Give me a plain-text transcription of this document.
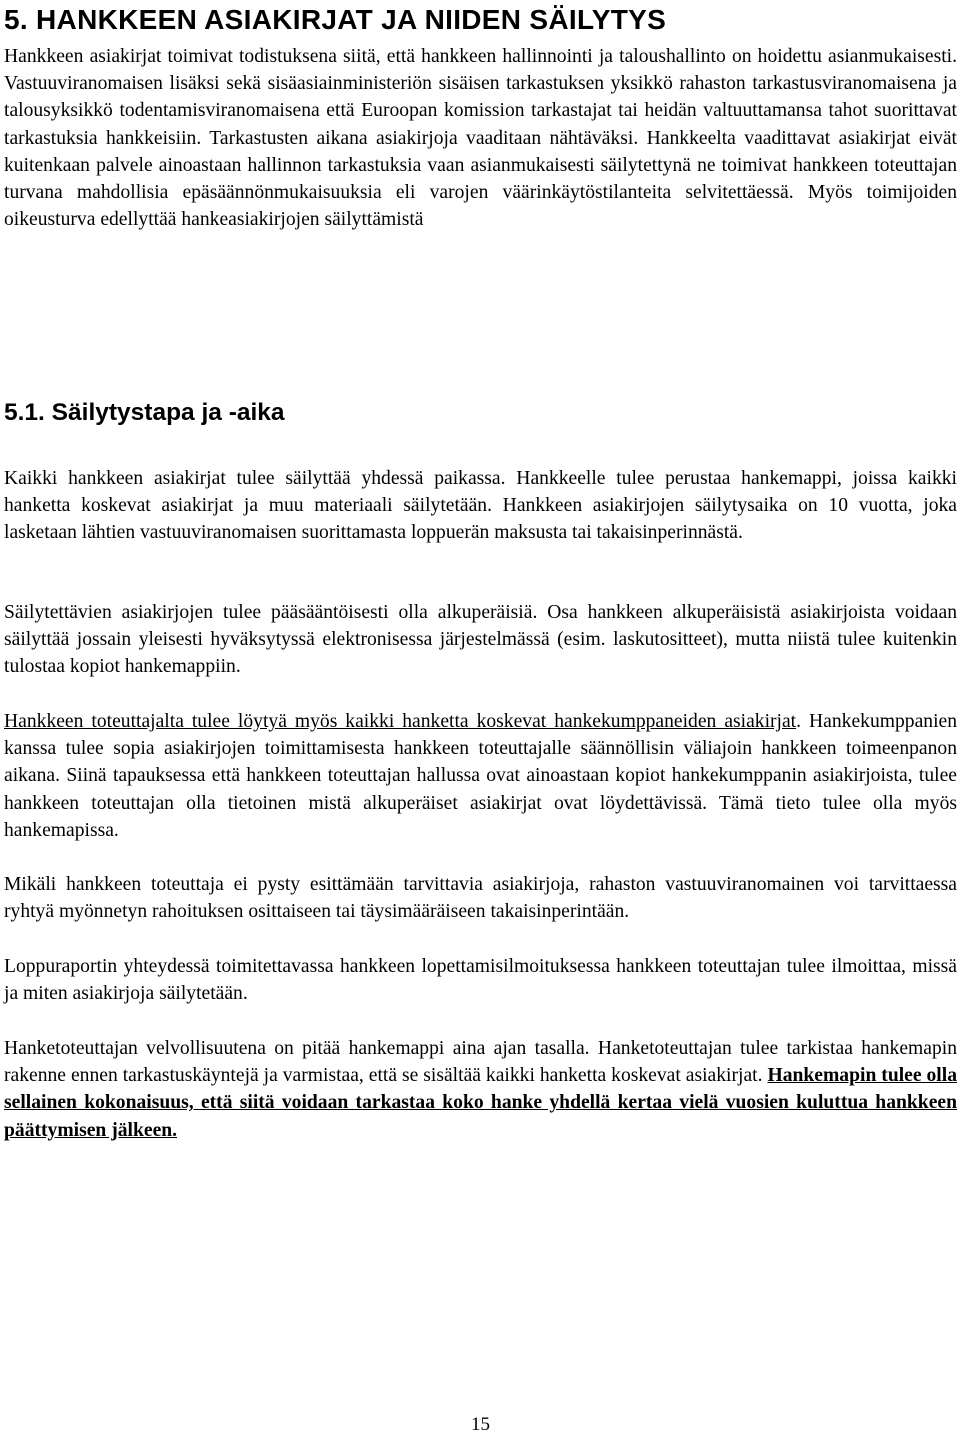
5. HANKKEEN ASIAKIRJAT JA NIIDEN SÄILYTYS

Hankkeen asiakirjat toimivat todistuksena siitä, että hankkeen hallinnointi ja taloushallinto on hoidettu asianmukaisesti. Vastuuviranomaisen lisäksi sekä sisäasiainministeriön sisäisen tarkastuksen yksikkö rahaston tarkastusviranomaisena ja talousyksikkö todentamisviranomaisena että Euroopan komission tarkastajat tai heidän valtuuttamansa tahot suorittavat tarkastuksia hankkeisiin. Tarkastusten aikana asiakirjoja vaaditaan nähtäväksi. Hankkeelta vaadittavat asiakirjat eivät kuitenkaan palvele ainoastaan hallinnon tarkastuksia vaan asianmukaisesti säilytettynä ne toimivat hankkeen toteuttajan turvana mahdollisia epäsäännönmukaisuuksia eli varojen väärinkäytöstilanteita selvitettäessä. Myös toimijoiden oikeusturva edellyttää hankeasiakirjojen säilyttämistä

5.1. Säilytystapa ja -aika

Kaikki hankkeen asiakirjat tulee säilyttää yhdessä paikassa. Hankkeelle tulee perustaa hankemappi, joissa kaikki hanketta koskevat asiakirjat ja muu materiaali säilytetään. Hankkeen asiakirjojen säilytysaika on 10 vuotta, joka lasketaan lähtien vastuuviranomaisen suorittamasta loppuerän maksusta tai takaisinperinnästä.

Säilytettävien asiakirjojen tulee pääsääntöisesti olla alkuperäisiä. Osa hankkeen alkuperäisistä asiakirjoista voidaan säilyttää jossain yleisesti hyväksytyssä elektronisessa järjestelmässä (esim. laskutositteet), mutta niistä tulee kuitenkin tulostaa kopiot hankemappiin.

Hankkeen toteuttajalta tulee löytyä myös kaikki hanketta koskevat hankekumppaneiden asiakirjat. Hankekumppanien kanssa tulee sopia asiakirjojen toimittamisesta hankkeen toteuttajalle säännöllisin väliajoin hankkeen toimeenpanon aikana. Siinä tapauksessa että hankkeen toteuttajan hallussa ovat ainoastaan kopiot hankekumppanin asiakirjoista, tulee hankkeen toteuttajan olla tietoinen mistä alkuperäiset asiakirjat ovat löydettävissä. Tämä tieto tulee olla myös hankemapissa.

Mikäli hankkeen toteuttaja ei pysty esittämään tarvittavia asiakirjoja, rahaston vastuuviranomainen voi tarvittaessa ryhtyä myönnetyn rahoituksen osittaiseen tai täysimääräiseen takaisinperintään.

Loppuraportin yhteydessä toimitettavassa hankkeen lopettamisilmoituksessa hankkeen toteuttajan tulee ilmoittaa, missä ja miten asiakirjoja säilytetään.

Hanketoteuttajan velvollisuutena on pitää hankemappi aina ajan tasalla. Hanketoteuttajan tulee tarkistaa hankemapin rakenne ennen tarkastuskäyntejä ja varmistaa, että se sisältää kaikki hanketta koskevat asiakirjat. Hankemapin tulee olla sellainen kokonaisuus, että siitä voidaan tarkastaa koko hanke yhdellä kertaa vielä vuosien kuluttua hankkeen päättymisen jälkeen.

15
